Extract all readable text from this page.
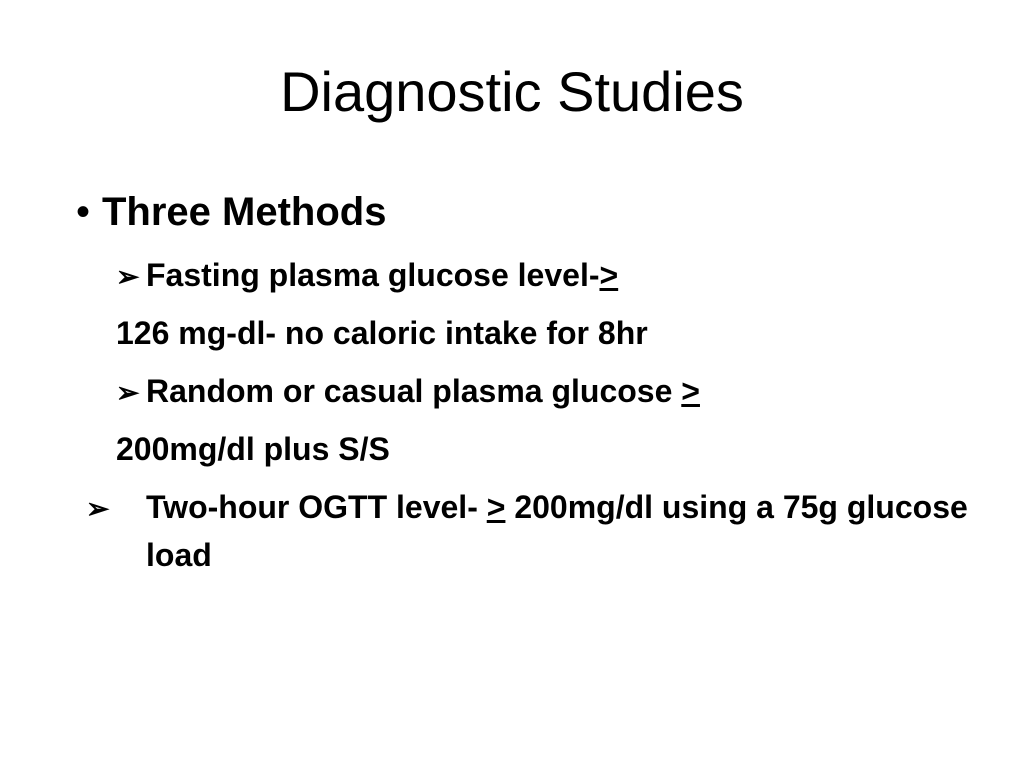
Diagnostic Studies
• Three Methods
➢ Fasting plasma glucose level->
126 mg-dl- no caloric intake for 8hr
➢ Random or casual plasma glucose >
200mg/dl plus S/S
➢ Two-hour OGTT level- ≥ 200mg/dl using a 75g glucose load
